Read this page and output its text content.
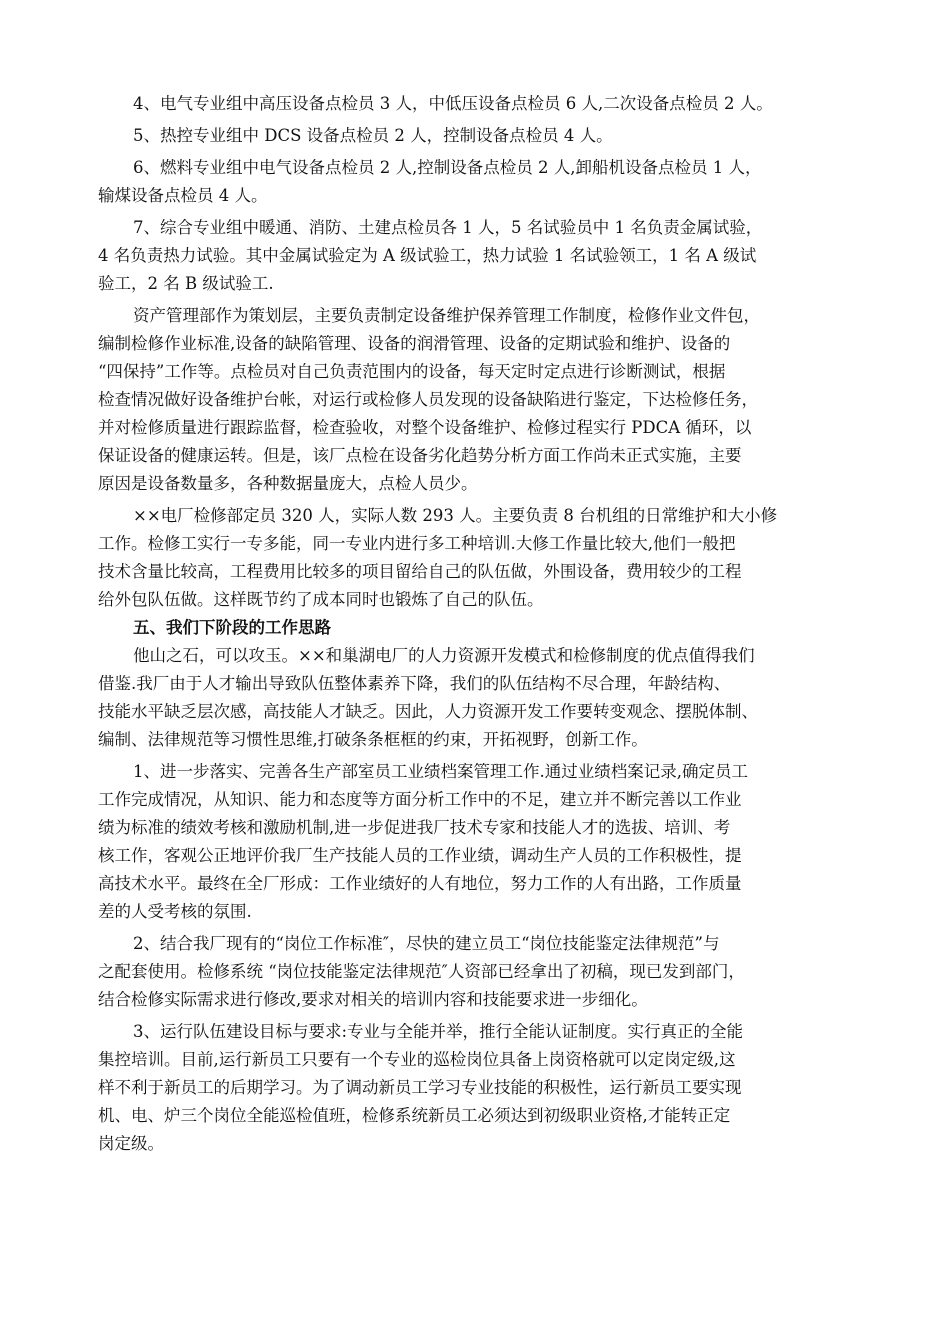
4、电气专业组中高压设备点检员 3 人，中低压设备点检员 6 人,二次设备点检员 2 人。
5、热控专业组中 DCS 设备点检员 2 人，控制设备点检员 4 人。
6、燃料专业组中电气设备点检员 2 人,控制设备点检员 2 人,卸船机设备点检员 1 人，
输煤设备点检员 4 人。
7、综合专业组中暖通、消防、土建点检员各 1 人，5 名试验员中 1 名负责金属试验，
4 名负责热力试验。其中金属试验定为 A 级试验工，热力试验 1 名试验领工，1 名 A 级试
验工，2 名 B 级试验工.
资产管理部作为策划层，主要负责制定设备维护保养管理工作制度，检修作业文件包，
编制检修作业标准,设备的缺陷管理、设备的润滑管理、设备的定期试验和维护、设备的
“四保持”工作等。点检员对自己负责范围内的设备，每天定时定点进行诊断测试，根据
检查情况做好设备维护台帐，对运行或检修人员发现的设备缺陷进行鉴定，下达检修任务，
并对检修质量进行跟踪监督，检查验收，对整个设备维护、检修过程实行 PDCA 循环，以
保证设备的健康运转。但是，该厂点检在设备劣化趋势分析方面工作尚未正式实施，主要
原因是设备数量多，各种数据量庞大，点检人员少。
××电厂检修部定员 320 人，实际人数 293 人。主要负责 8 台机组的日常维护和大小修
工作。检修工实行一专多能，同一专业内进行多工种培训.大修工作量比较大,他们一般把
技术含量比较高，工程费用比较多的项目留给自己的队伍做，外围设备，费用较少的工程
给外包队伍做。这样既节约了成本同时也锻炼了自己的队伍。
五、我们下阶段的工作思路
他山之石，可以攻玉。××和巢湖电厂的人力资源开发模式和检修制度的优点值得我们
借鉴.我厂由于人才输出导致队伍整体素养下降，我们的队伍结构不尽合理，年龄结构、
技能水平缺乏层次感，高技能人才缺乏。因此，人力资源开发工作要转变观念、摆脱体制、
编制、法律规范等习惯性思维,打破条条框框的约束，开拓视野，创新工作。
1、进一步落实、完善各生产部室员工业绩档案管理工作.通过业绩档案记录,确定员工
工作完成情况，从知识、能力和态度等方面分析工作中的不足，建立并不断完善以工作业
绩为标准的绩效考核和激励机制,进一步促进我厂技术专家和技能人才的选拔、培训、考
核工作，客观公正地评价我厂生产技能人员的工作业绩，调动生产人员的工作积极性，提
高技术水平。最终在全厂形成：工作业绩好的人有地位，努力工作的人有出路，工作质量
差的人受考核的氛围.
2、结合我厂现有的“岗位工作标准″，尽快的建立员工“岗位技能鉴定法律规范”与
之配套使用。检修系统 “岗位技能鉴定法律规范″人资部已经拿出了初稿，现已发到部门，
结合检修实际需求进行修改,要求对相关的培训内容和技能要求进一步细化。
3、运行队伍建设目标与要求:专业与全能并举，推行全能认证制度。实行真正的全能
集控培训。目前,运行新员工只要有一个专业的巡检岗位具备上岗资格就可以定岗定级,这
样不利于新员工的后期学习。为了调动新员工学习专业技能的积极性，运行新员工要实现
机、电、炉三个岗位全能巡检值班，检修系统新员工必须达到初级职业资格,才能转正定
岗定级。
